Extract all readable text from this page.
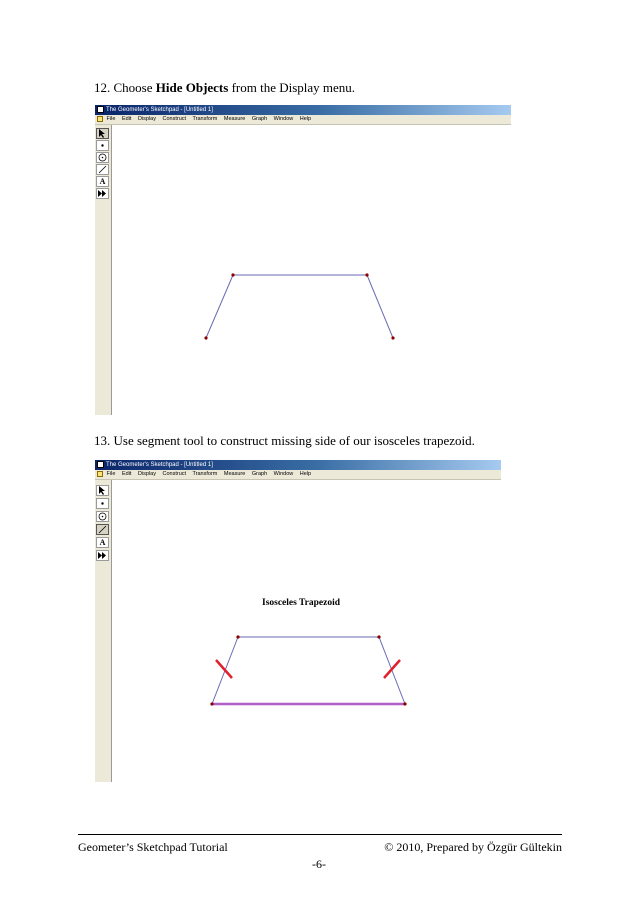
12. Choose Hide Objects from the Display menu.
The Geometer's Sketchpad - [Untitled 1]
File Edit Display Construct Transform Measure Graph Window Help
A
13. Use segment tool to construct missing side of our isosceles trapezoid.
The Geometer's Sketchpad - [Untitled 1]
File Edit Display Construct Transform Measure Graph Window Help
A
Isosceles Trapezoid
Geometer’s Sketchpad Tutorial	© 2010, Prepared by Özgür Gültekin
-6-
